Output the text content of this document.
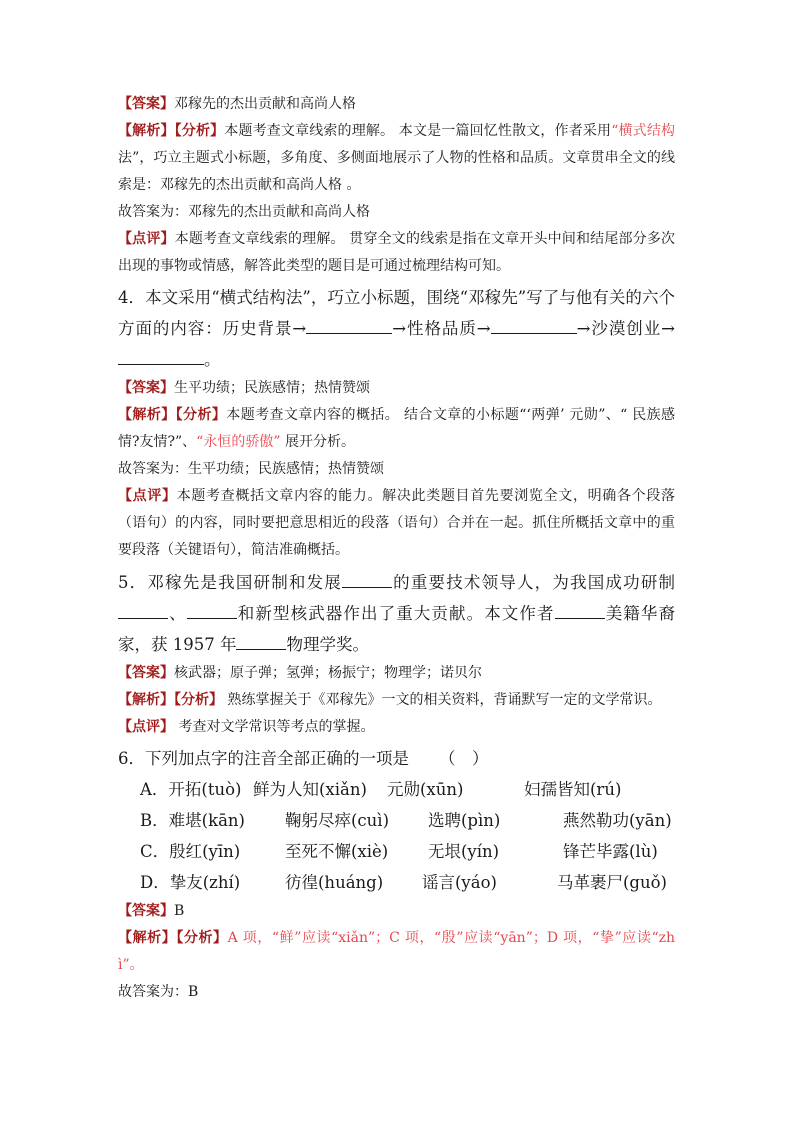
【答案】邓稼先的杰出贡献和高尚人格

【解析】【分析】本题考查文章线索的理解。 本文是一篇回忆性散文，作者采用“横式结构法”，巧立主题式小标题，多角度、多侧面地展示了人物的性格和品质。文章贯串全文的线索是：邓稼先的杰出贡献和高尚人格 。

故答案为：邓稼先的杰出贡献和高尚人格

【点评】本题考查文章线索的理解。 贯穿全文的线索是指在文章开头中间和结尾部分多次出现的事物或情感，解答此类型的题目是可通过梳理结构可知。

4．本文采用“横式结构法”，巧立小标题，围绕“邓稼先”写了与他有关的六个方面的内容：历史背景→	→性格品质→	→沙漠创业→。

【答案】生平功绩；民族感情；热情赞颂

【解析】【分析】本题考查文章内容的概括。 结合文章的小标题“‘两弹’ 元勋”、“ 民族感情?友情?”、“永恒的骄傲” 展开分析。

故答案为：生平功绩；民族感情；热情赞颂

【点评】本题考查概括文章内容的能力。解决此类题目首先要浏览全文，明确各个段落（语句）的内容，同时要把意思相近的段落（语句）合并在一起。抓住所概括文章中的重要段落（关键语句），简洁准确概括。

5．邓稼先是我国研制和发展	的重要技术领导人，为我国成功研制、	和新型核武器作出了重大贡献。本文作者	美籍华裔家，获 1957 年	物理学奖。

【答案】核武器；原子弹；氢弹；杨振宁；物理学；诺贝尔

【解析】【分析】 熟练掌握关于《邓稼先》一文的相关资料，背诵默写一定的文学常识。

【点评】 考查对文学常识等考点的掌握。

6．下列加点字的注音全部正确的一项是 （　）

A．开拓(tuò) 鲜为人知(xiǎn) 元勋(xūn)	妇孺皆知(rú)
B．难堪(kān) 鞠躬尽瘁(cuì) 选聘(pìn)	燕然勒功(yān)
C．殷红(yīn)	至死不懈(xiè) 无垠(yín)	锋芒毕露(lù)
D．挚友(zhí)	彷徨(huáng) 谣言(yáo)	马革裹尸(guǒ)

【答案】B

【解析】【分析】A 项，“鲜”应读“xiǎn”；C 项，“殷”应读“yān”；D 项，“挚”应读“zhì”。

故答案为：B
